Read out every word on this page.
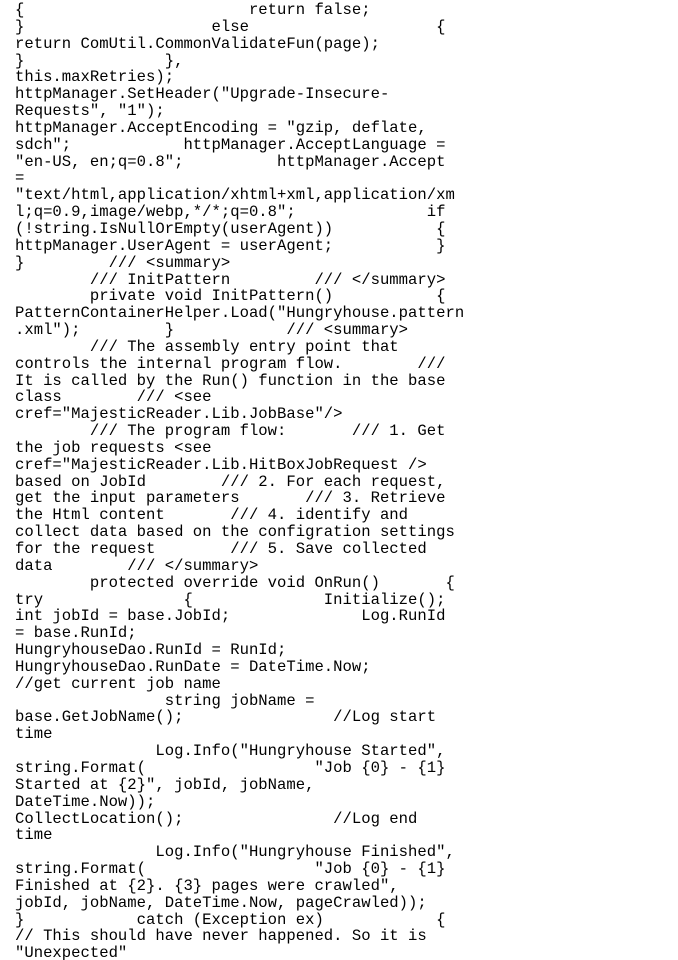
{                        return false;
}                    else                    {
return ComUtil.CommonValidateFun(page);
}               },
this.maxRetries);
httpManager.SetHeader("Upgrade-Insecure-
Requests", "1");
httpManager.AcceptEncoding = "gzip, deflate,
sdch";            httpManager.AcceptLanguage =
"en-US, en;q=0.8";          httpManager.Accept
=
"text/html,application/xhtml+xml,application/xm
l;q=0.9,image/webp,*/*;q=0.8";              if
(!string.IsNullOrEmpty(userAgent))           {
httpManager.UserAgent = userAgent;           }
}         /// <summary>
/// InitPattern         /// </summary>
private void InitPattern()           {
PatternContainerHelper.Load("Hungryhouse.pattern
.xml");         }            /// <summary>
/// The assembly entry point that
controls the internal program flow.        ///
It is called by the Run() function in the base
class        /// <see
cref="MajesticReader.Lib.JobBase"/>
/// The program flow:       /// 1. Get
the job requests <see
cref="MajesticReader.Lib.HitBoxJobRequest />
based on JobId        /// 2. For each request,
get the input parameters       /// 3. Retrieve
the Html content       /// 4. identify and
collect data based on the configration settings
for the request        /// 5. Save collected
data        /// </summary>
protected override void OnRun()       {
try               {              Initialize();
int jobId = base.JobId;              Log.RunId
= base.RunId;
HungryhouseDao.RunId = RunId;
HungryhouseDao.RunDate = DateTime.Now;
//get current job name
string jobName =
base.GetJobName();                //Log start
time
Log.Info("Hungryhouse Started",
string.Format(                  "Job {0} - {1}
Started at {2}", jobId, jobName,
DateTime.Now));
CollectLocation();                //Log end
time
Log.Info("Hungryhouse Finished",
string.Format(                  "Job {0} - {1}
Finished at {2}. {3} pages were crawled",
jobId, jobName, DateTime.Now, pageCrawled));
}            catch (Exception ex)            {
// This should have never happened. So it is
"Unexpected"
